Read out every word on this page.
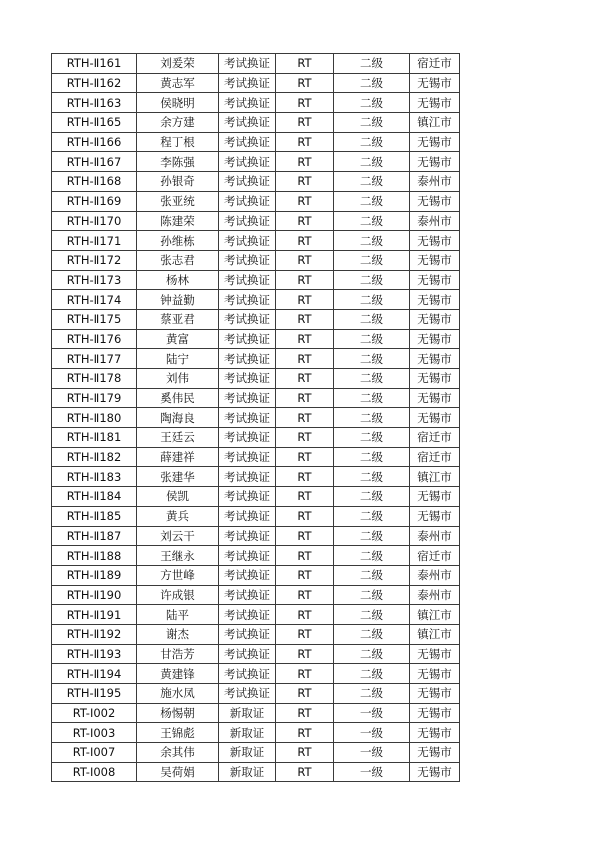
RTH-Ⅱ161	刘爰荣	考试换证	RT	二级	宿迁市
RTH-Ⅱ162	黄志军	考试换证	RT	二级	无锡市
RTH-Ⅱ163	侯晓明	考试换证	RT	二级	无锡市
RTH-Ⅱ165	余方建	考试换证	RT	二级	镇江市
RTH-Ⅱ166	程丁根	考试换证	RT	二级	无锡市
RTH-Ⅱ167	李陈强	考试换证	RT	二级	无锡市
RTH-Ⅱ168	孙银奇	考试换证	RT	二级	泰州市
RTH-Ⅱ169	张亚统	考试换证	RT	二级	无锡市
RTH-Ⅱ170	陈建荣	考试换证	RT	二级	泰州市
RTH-Ⅱ171	孙维栋	考试换证	RT	二级	无锡市
RTH-Ⅱ172	张志君	考试换证	RT	二级	无锡市
RTH-Ⅱ173	杨林	考试换证	RT	二级	无锡市
RTH-Ⅱ174	钟益勤	考试换证	RT	二级	无锡市
RTH-Ⅱ175	蔡亚君	考试换证	RT	二级	无锡市
RTH-Ⅱ176	黄富	考试换证	RT	二级	无锡市
RTH-Ⅱ177	陆宁	考试换证	RT	二级	无锡市
RTH-Ⅱ178	刘伟	考试换证	RT	二级	无锡市
RTH-Ⅱ179	奚伟民	考试换证	RT	二级	无锡市
RTH-Ⅱ180	陶海良	考试换证	RT	二级	无锡市
RTH-Ⅱ181	王廷云	考试换证	RT	二级	宿迁市
RTH-Ⅱ182	薛建祥	考试换证	RT	二级	宿迁市
RTH-Ⅱ183	张建华	考试换证	RT	二级	镇江市
RTH-Ⅱ184	侯凯	考试换证	RT	二级	无锡市
RTH-Ⅱ185	黄兵	考试换证	RT	二级	无锡市
RTH-Ⅱ187	刘云干	考试换证	RT	二级	泰州市
RTH-Ⅱ188	王继永	考试换证	RT	二级	宿迁市
RTH-Ⅱ189	方世峰	考试换证	RT	二级	泰州市
RTH-Ⅱ190	许成银	考试换证	RT	二级	泰州市
RTH-Ⅱ191	陆平	考试换证	RT	二级	镇江市
RTH-Ⅱ192	谢杰	考试换证	RT	二级	镇江市
RTH-Ⅱ193	甘浩芳	考试换证	RT	二级	无锡市
RTH-Ⅱ194	黄建锋	考试换证	RT	二级	无锡市
RTH-Ⅱ195	施水凤	考试换证	RT	二级	无锡市
RT-Ⅰ002	杨惕朝	新取证	RT	一级	无锡市
RT-Ⅰ003	王锦彪	新取证	RT	一级	无锡市
RT-Ⅰ007	余其伟	新取证	RT	一级	无锡市
RT-Ⅰ008	吴荷娟	新取证	RT	一级	无锡市
